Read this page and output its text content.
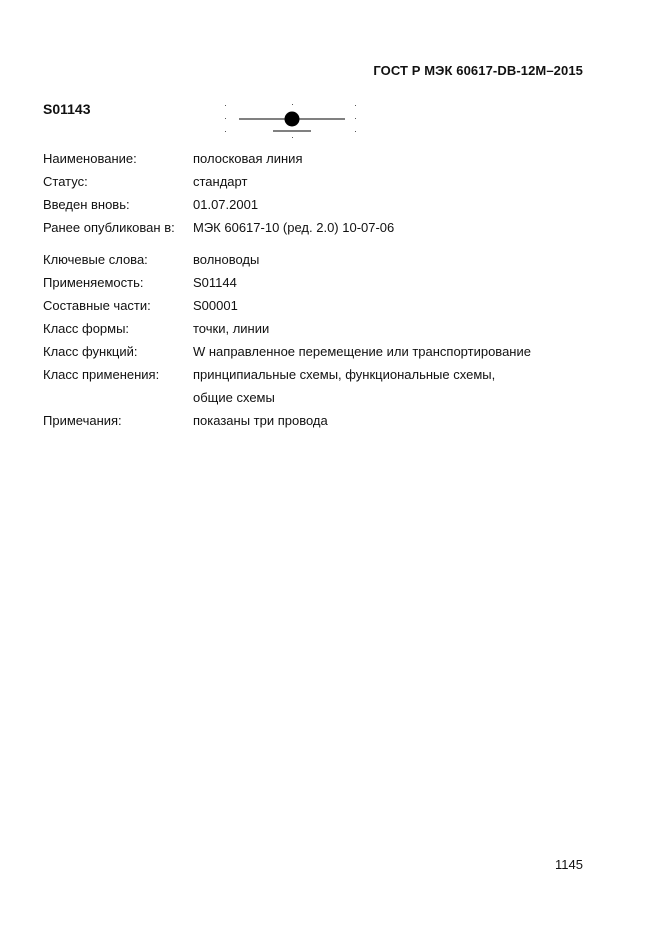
ГОСТ Р МЭК 60617-DB-12M–2015
S01143
Наименование:	полосковая линия
Статус:	стандарт
Введен вновь:	01.07.2001
Ранее опубликован в:	МЭК 60617-10 (ред. 2.0) 10-07-06
Ключевые слова:	волноводы
Применяемость:	S01144
Составные части:	S00001
Класс формы:	точки, линии
Класс функций:	W направленное перемещение или транспортирование
Класс применения:	принципиальные схемы, функциональные схемы,
общие схемы
Примечания:	показаны три провода
1145
